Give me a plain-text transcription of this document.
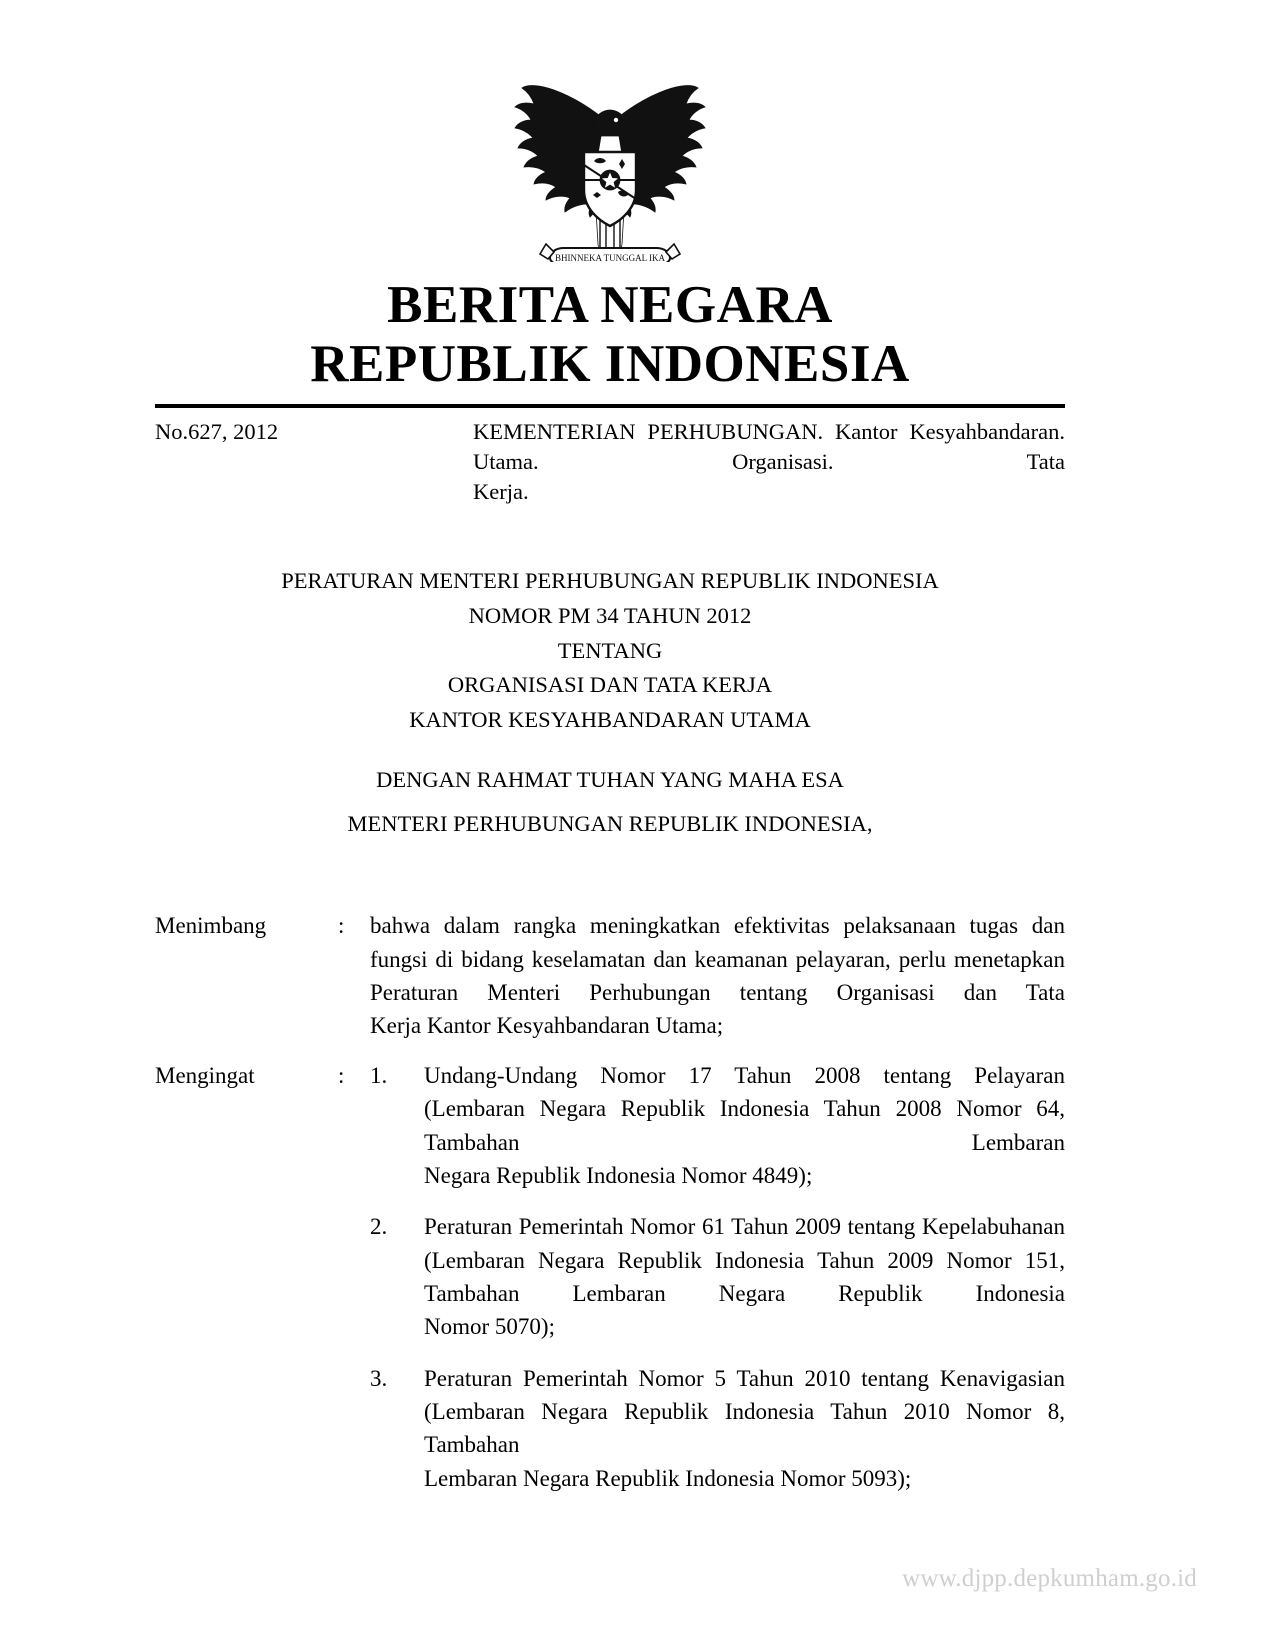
BHINNEKA TUNGGAL IKA
BERITA NEGARA
REPUBLIK INDONESIA
No.627, 2012	KEMENTERIAN PERHUBUNGAN. Kantor Kesyahbandaran. Utama. Organisasi. Tata
Kerja.
PERATURAN MENTERI PERHUBUNGAN REPUBLIK INDONESIA
NOMOR PM 34 TAHUN 2012
TENTANG
ORGANISASI DAN TATA KERJA
KANTOR KESYAHBANDARAN UTAMA
DENGAN RAHMAT TUHAN YANG MAHA ESA
MENTERI PERHUBUNGAN REPUBLIK INDONESIA,
Menimbang	:	bahwa dalam rangka meningkatkan efektivitas pelaksanaan tugas dan fungsi di bidang keselamatan dan keamanan pelayaran, perlu menetapkan Peraturan Menteri Perhubungan tentang Organisasi dan Tata
Kerja Kantor Kesyahbandaran Utama;
Mengingat	:	1.	Undang-Undang Nomor 17 Tahun 2008 tentang Pelayaran (Lembaran Negara Republik Indonesia Tahun 2008 Nomor 64, Tambahan Lembaran
Negara Republik Indonesia Nomor 4849);
2.	Peraturan Pemerintah Nomor 61 Tahun 2009 tentang Kepelabuhanan (Lembaran Negara Republik Indonesia Tahun 2009 Nomor 151, Tambahan Lembaran Negara Republik Indonesia
Nomor 5070);
3.	Peraturan Pemerintah Nomor 5 Tahun 2010 tentang Kenavigasian (Lembaran Negara Republik Indonesia Tahun 2010 Nomor 8, Tambahan
Lembaran Negara Republik Indonesia Nomor 5093);
www.djpp.depkumham.go.id
